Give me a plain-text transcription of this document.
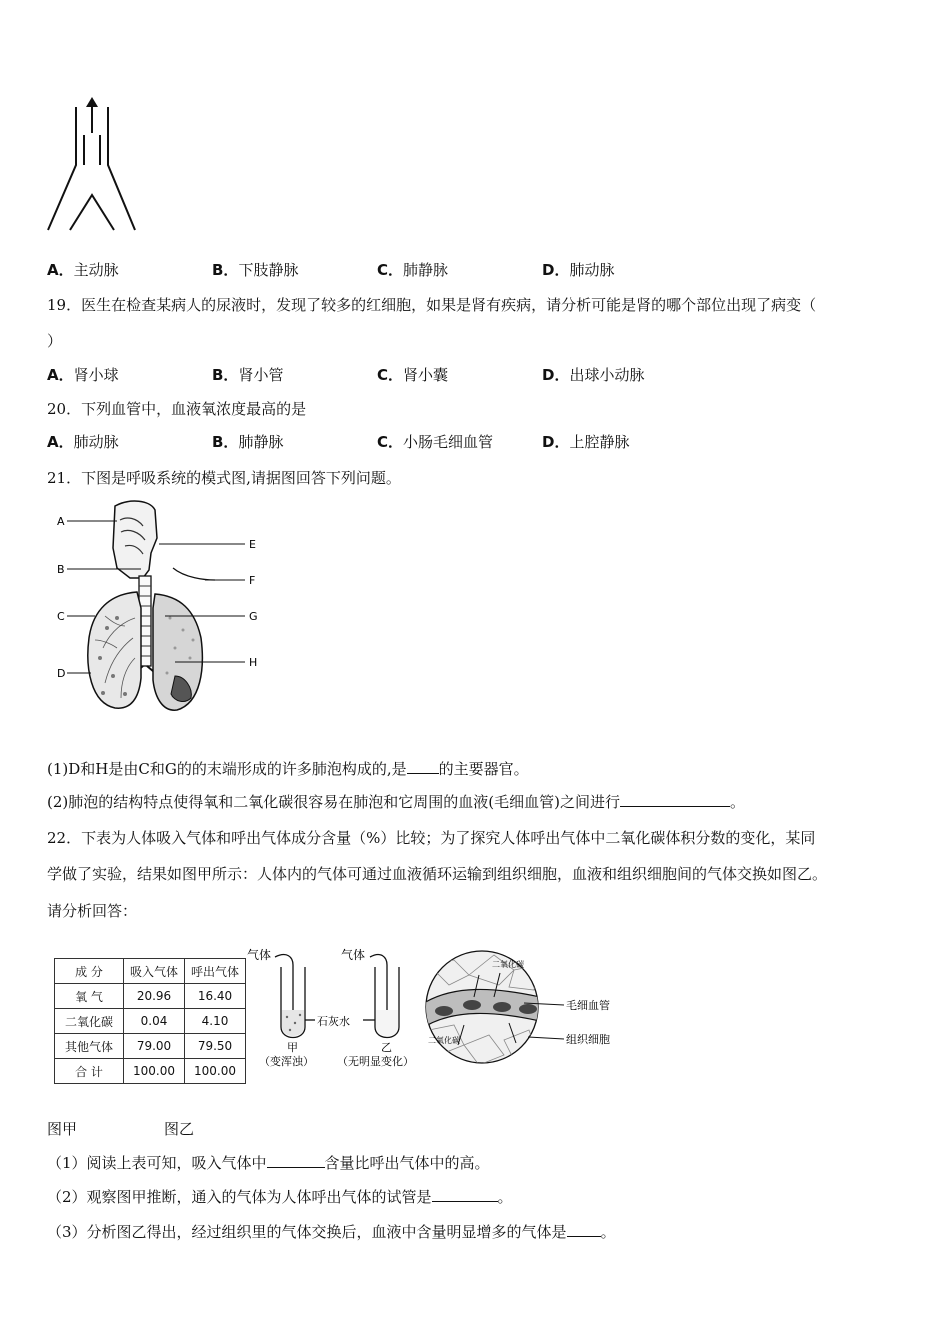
A．主动脉	B．下肢静脉	C．肺静脉	D．肺动脉
19．医生在检查某病人的尿液时，发现了较多的红细胞，如果是肾有疾病，请分析可能是肾的哪个部位出现了病变（
）
A．肾小球	B．肾小管	C．肾小囊	D．出球小动脉
20．下列血管中，血液氧浓度最高的是
A．肺动脉	B．肺静脉	C．小肠毛细血管	D．上腔静脉
21．下图是呼吸系统的模式图,请据图回答下列问题。
A
B
C
D
E
F
G
H
(1)D和H是由C和G的的末端形成的许多肺泡构成的,是 的主要器官。
(2)肺泡的结构特点使得氧和二氧化碳很容易在肺泡和它周围的血液(毛细血管)之间进行	。
22．下表为人体吸入气体和呼出气体成分含量（%）比较；为了探究人体呼出气体中二氧化碳体积分数的变化，某同
学做了实验，结果如图甲所示：人体内的气体可通过血液循环运输到组织细胞，血液和组织细胞间的气体交换如图乙。
请分析回答：
成 分	吸入气体	呼出气体
氧 气	20.96	16.40
二氧化碳	0.04	4.10
其他气体	79.00	79.50
合 计	100.00	100.00
气体	气体
石灰水
甲
（变浑浊）
乙
（无明显变化）
二氧化碳
二氧化碳
毛细血管
组织细胞
图甲	图乙
（1）阅读上表可知，吸入气体中	含量比呼出气体中的高。
（2）观察图甲推断，通入的气体为人体呼出气体的试管是	。
（3）分析图乙得出，经过组织里的气体交换后，血液中含量明显增多的气体是 。
